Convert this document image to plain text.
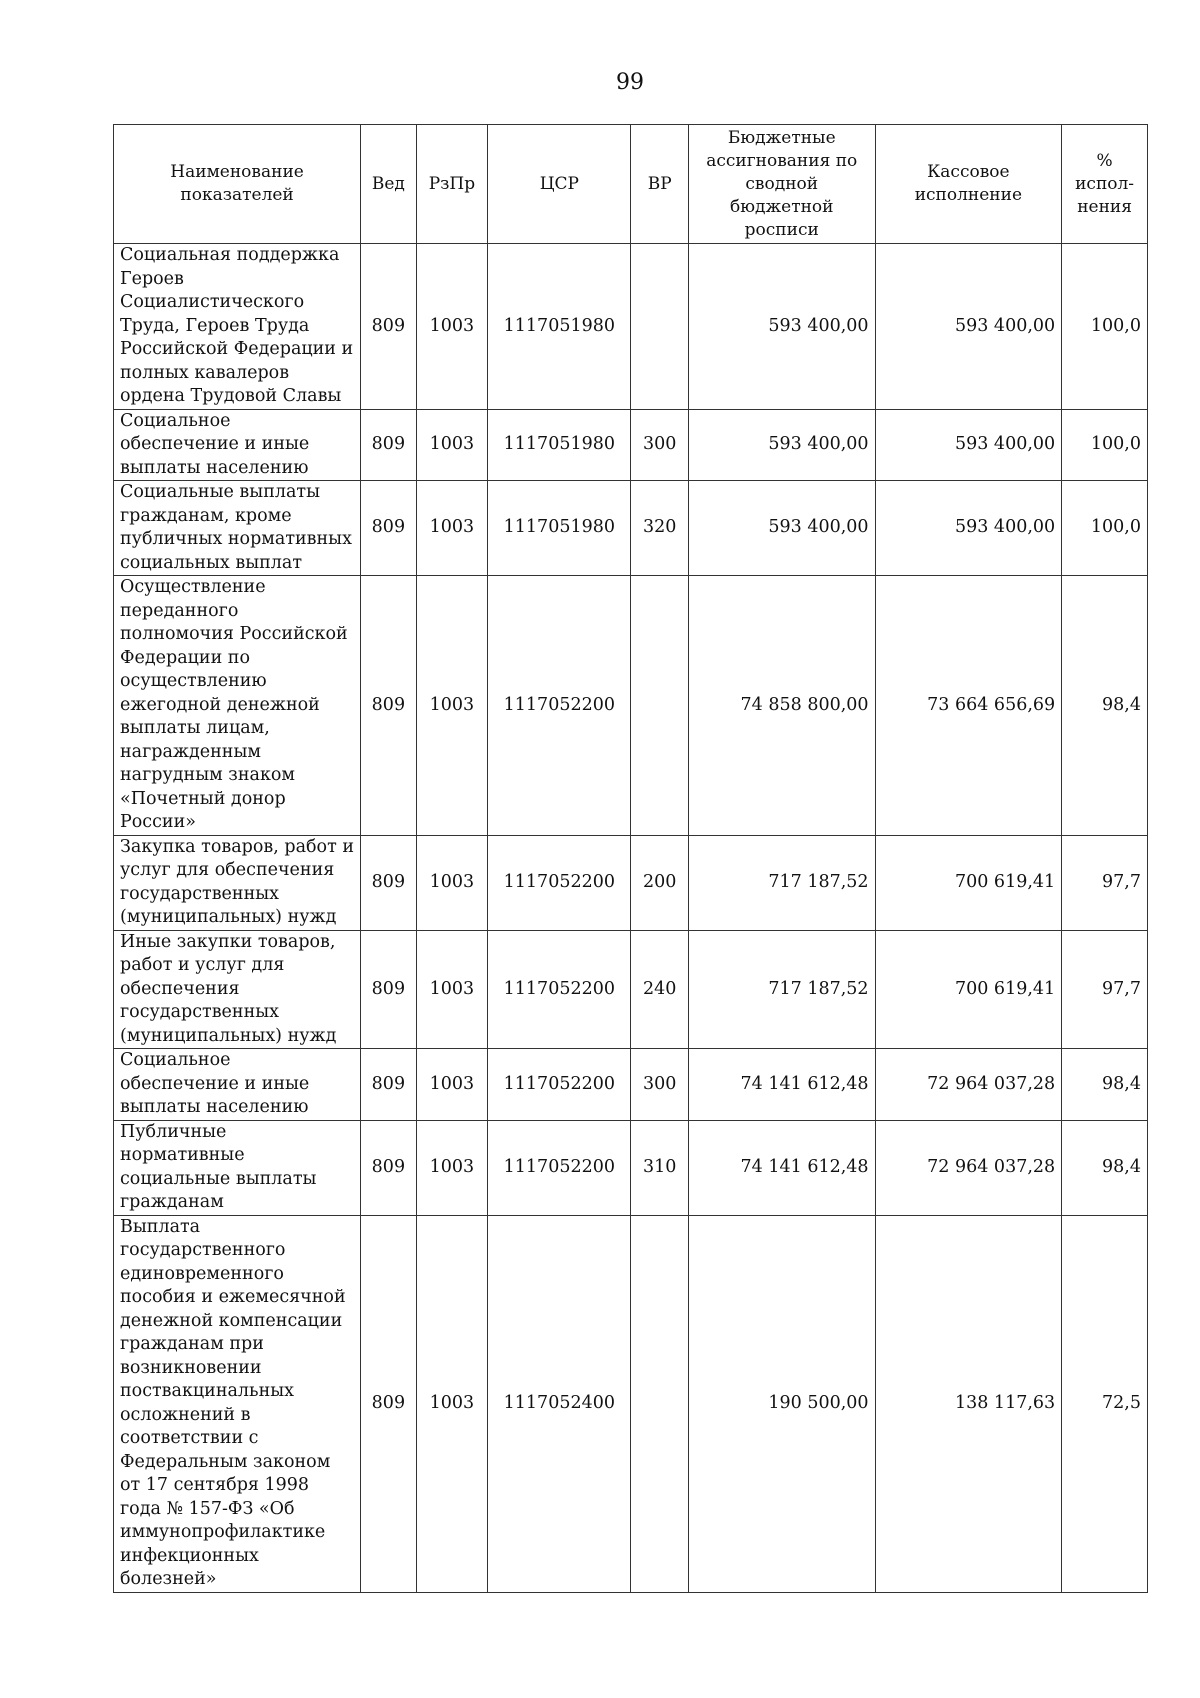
99
Наименование показателей	Вед	РзПр	ЦСР	ВР	Бюджетные ассигнования по сводной бюджетной росписи	Кассовое исполнение	% испол-нения
Социальная поддержка Героев Социалистического Труда, Героев Труда Российской Федерации и полных кавалеров ордена Трудовой Славы	809	1003	1117051980		593 400,00	593 400,00	100,0
Социальное обеспечение и иные выплаты населению	809	1003	1117051980	300	593 400,00	593 400,00	100,0
Социальные выплаты гражданам, кроме публичных нормативных социальных выплат	809	1003	1117051980	320	593 400,00	593 400,00	100,0
Осуществление переданного полномочия Российской Федерации по осуществлению ежегодной денежной выплаты лицам, награжденным нагрудным знаком «Почетный донор России»	809	1003	1117052200		74 858 800,00	73 664 656,69	98,4
Закупка товаров, работ и услуг для обеспечения государственных (муниципальных) нужд	809	1003	1117052200	200	717 187,52	700 619,41	97,7
Иные закупки товаров, работ и услуг для обеспечения государственных (муниципальных) нужд	809	1003	1117052200	240	717 187,52	700 619,41	97,7
Социальное обеспечение и иные выплаты населению	809	1003	1117052200	300	74 141 612,48	72 964 037,28	98,4
Публичные нормативные социальные выплаты гражданам	809	1003	1117052200	310	74 141 612,48	72 964 037,28	98,4
Выплата государственного единовременного пособия и ежемесячной денежной компенсации гражданам при возникновении поствакцинальных осложнений в соответствии с Федеральным законом от 17 сентября 1998 года № 157-ФЗ «Об иммунопрофилактике инфекционных болезней»	809	1003	1117052400		190 500,00	138 117,63	72,5
